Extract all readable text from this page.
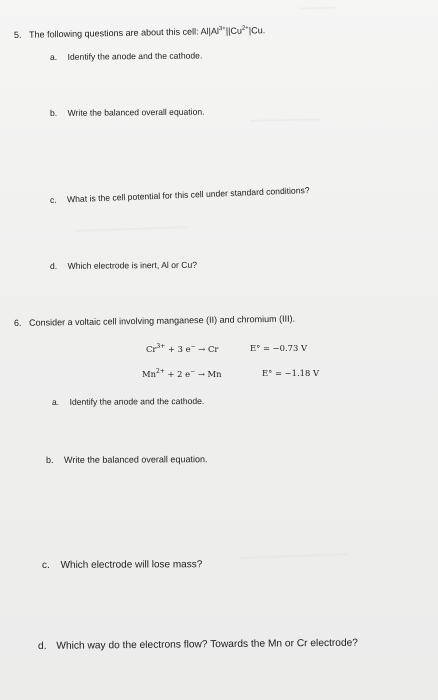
~~~~~~~~
~~~~~~~~~~~~~~~
~~~~~~~~~~~~~~~~~~~~~~~~
~~~~~~~~~~~~~~~~~~~~~~~
5. The following questions are about this cell: $Al|Al^{3+}||Cu^{2+}|Cu$.
a. Identify the anode and the cathode.
b. Write the balanced overall equation.
c. What is the cell potential for this cell under standard conditions?
d. Which electrode is inert, Al or Cu?
6. Consider a voltaic cell involving manganese (II) and chromium (III).
$Cr^{3+} + 3$ e− → Cr	E° = −0.73 V
$Mn^{2+} + 2$ e− → Mn	E° = −1.18 V
a. Identify the anode and the cathode.
b. Write the balanced overall equation.
c. Which electrode will lose mass?
d. Which way do the electrons flow? Towards the Mn or Cr electrode?
